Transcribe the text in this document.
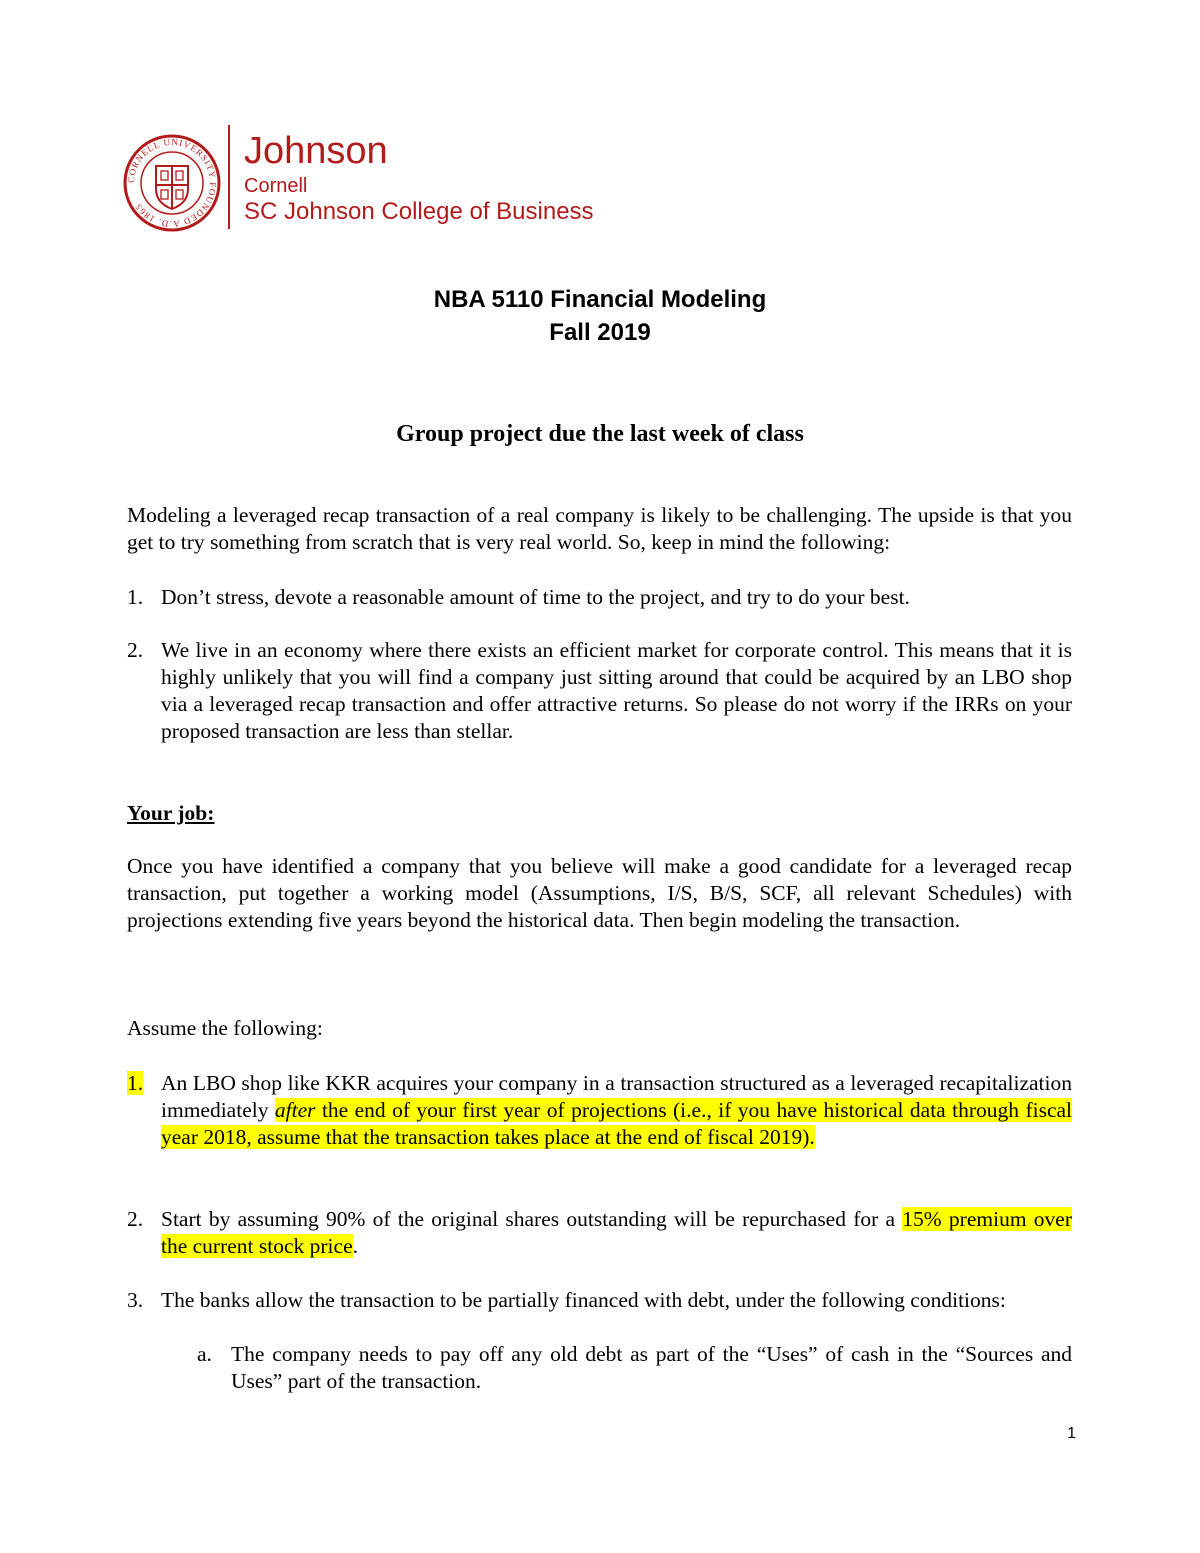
CORNELL UNIVERSITY FOUNDED A.D. 1865
Johnson
Cornell
SC Johnson College of Business
NBA 5110 Financial Modeling
Fall 2019
Group project due the last week of class
Modeling a leveraged recap transaction of a real company is likely to be challenging. The upside is that you get to try something from scratch that is very real world. So, keep in mind the following:
1. Don’t stress, devote a reasonable amount of time to the project, and try to do your best.
2. We live in an economy where there exists an efficient market for corporate control. This means that it is highly unlikely that you will find a company just sitting around that could be acquired by an LBO shop via a leveraged recap transaction and offer attractive returns. So please do not worry if the IRRs on your proposed transaction are less than stellar.
Your job:
Once you have identified a company that you believe will make a good candidate for a leveraged recap transaction, put together a working model (Assumptions, I/S, B/S, SCF, all relevant Schedules) with projections extending five years beyond the historical data. Then begin modeling the transaction.
Assume the following:
1. An LBO shop like KKR acquires your company in a transaction structured as a leveraged recapitalization immediately after the end of your first year of projections (i.e., if you have historical data through fiscal year 2018, assume that the transaction takes place at the end of fiscal 2019).
2. Start by assuming 90% of the original shares outstanding will be repurchased for a 15% premium over the current stock price.
3. The banks allow the transaction to be partially financed with debt, under the following conditions:
a. The company needs to pay off any old debt as part of the “Uses” of cash in the “Sources and Uses” part of the transaction.
1
